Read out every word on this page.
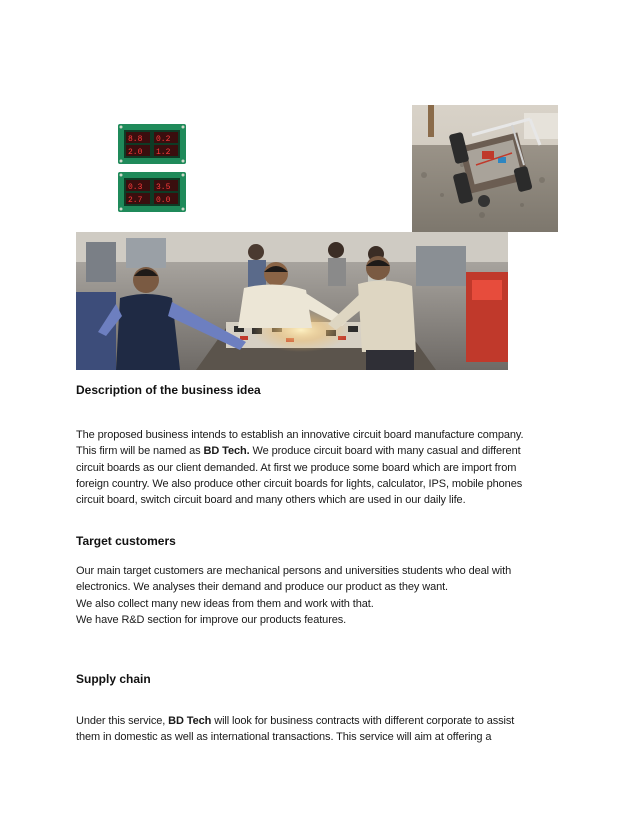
8.8 0.2
2.0 1.2
0.3 3.5
2.7 0.0
Description of the business idea
The proposed business intends to establish an innovative circuit board manufacture company.
This firm will be named as BD Tech. We produce circuit board with many casual and different
circuit boards as our client demanded. At first we produce some board which are import from
foreign country. We also produce other circuit boards for lights, calculator, IPS, mobile phones
circuit board, switch circuit board and many others which are used in our daily life.
Target customers
Our main target customers are mechanical persons and universities students who deal with
electronics. We analyses their demand and produce our product as they want.
We also collect many new ideas from them and work with that.
We have R&D section for improve our products features.
Supply chain
Under this service, BD Tech will look for business contracts with different corporate to assist
them in domestic as well as international transactions. This service will aim at offering a
